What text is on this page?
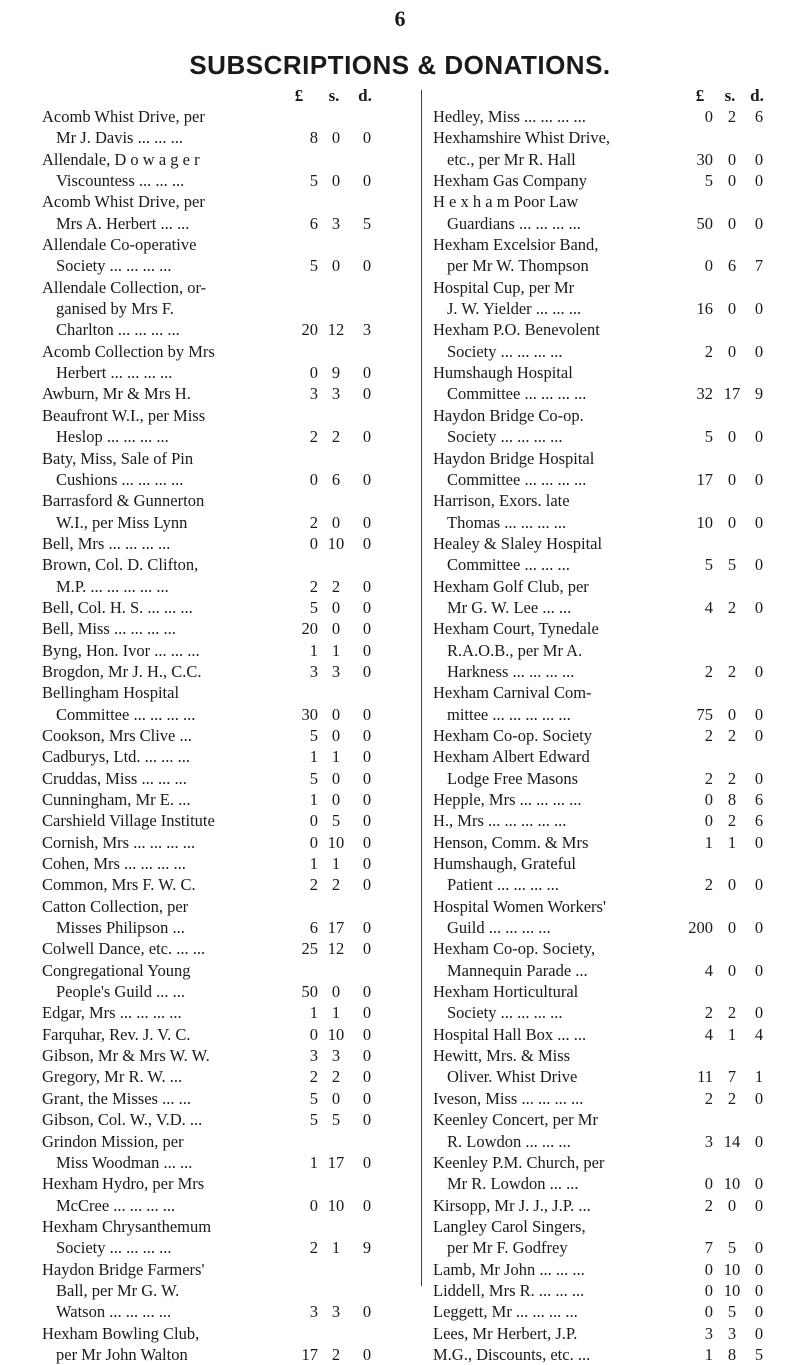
6
SUBSCRIPTIONS & DONATIONS.
£	s.	d.
Acomb Whist Drive, per
Mr J. Davis ... ... ...	8 0	0
Allendale, D o w a g e r
Viscountess ... ... ...	5 0	0
Acomb Whist Drive, per
Mrs A. Herbert ... ...	6 3	5
Allendale Co-operative
Society ... ... ... ...	5 0	0
Allendale Collection, or-
ganised by Mrs F.
Charlton ... ... ... ...	20 12	3
Acomb Collection by Mrs
Herbert ... ... ... ...	0 9	0
Awburn, Mr & Mrs H.	3 3	0
Beaufront W.I., per Miss
Heslop ... ... ... ...	2 2	0
Baty, Miss, Sale of Pin
Cushions ... ... ... ...	0 6	0
Barrasford & Gunnerton
W.I., per Miss Lynn	2 0	0
Bell, Mrs ... ... ... ...	0 10	0
Brown, Col. D. Clifton,
M.P. ... ... ... ... ...	2 2	0
Bell, Col. H. S. ... ... ...	5 0	0
Bell, Miss ... ... ... ...	20 0	0
Byng, Hon. Ivor ... ... ...	1 1	0
Brogdon, Mr J. H., C.C.	3 3	0
Bellingham Hospital
Committee ... ... ... ...	30 0	0
Cookson, Mrs Clive ...	5 0	0
Cadburys, Ltd. ... ... ...	1 1	0
Cruddas, Miss ... ... ...	5 0	0
Cunningham, Mr E. ...	1 0	0
Carshield Village Institute	0 5	0
Cornish, Mrs ... ... ... ...	0 10	0
Cohen, Mrs ... ... ... ...	1 1	0
Common, Mrs F. W. C.	2 2	0
Catton Collection, per
Misses Philipson ...	6 17	0
Colwell Dance, etc. ... ...	25 12	0
Congregational Young
People's Guild ... ...	50 0	0
Edgar, Mrs ... ... ... ...	1 1	0
Farquhar, Rev. J. V. C.	0 10	0
Gibson, Mr & Mrs W. W.	3 3	0
Gregory, Mr R. W. ...	2 2	0
Grant, the Misses ... ...	5 0	0
Gibson, Col. W., V.D. ...	5 5	0
Grindon Mission, per
Miss Woodman ... ...	1 17	0
Hexham Hydro, per Mrs
McCree ... ... ... ...	0 10	0
Hexham Chrysanthemum
Society ... ... ... ...	2 1	9
Haydon Bridge Farmers'
Ball, per Mr G. W.
Watson ... ... ... ...	3 3	0
Hexham Bowling Club,
per Mr John Walton	17 2	0
£	s. d.
Hedley, Miss ... ... ... ...	0 2	6
Hexhamshire Whist Drive,
etc., per Mr R. Hall	30 0	0
Hexham Gas Company	5 0	0
H e x h a m Poor Law
Guardians ... ... ... ...	50 0	0
Hexham Excelsior Band,
per Mr W. Thompson	0 6	7
Hospital Cup, per Mr
J. W. Yielder ... ... ...	16 0	0
Hexham P.O. Benevolent
Society ... ... ... ...	2 0	0
Humshaugh Hospital
Committee ... ... ... ...	32 17 9
Haydon Bridge Co-op.
Society ... ... ... ...	5 0	0
Haydon Bridge Hospital
Committee ... ... ... ...	17 0	0
Harrison, Exors. late
Thomas ... ... ... ...	10 0	0
Healey & Slaley Hospital
Committee ... ... ...	5 5	0
Hexham Golf Club, per
Mr G. W. Lee ... ...	4 2	0
Hexham Court, Tynedale
R.A.O.B., per Mr A.
Harkness ... ... ... ...	2 2	0
Hexham Carnival Com-
mittee ... ... ... ... ...	75 0	0
Hexham Co-op. Society	2 2	0
Hexham Albert Edward
Lodge Free Masons	2 2	0
Hepple, Mrs ... ... ... ...	0 8	6
H., Mrs ... ... ... ... ...	0 2	6
Henson, Comm. & Mrs	1 1	0
Humshaugh, Grateful
Patient ... ... ... ...	2 0	0
Hospital Women Workers'
Guild ... ... ... ...	200 0	0
Hexham Co-op. Society,
Mannequin Parade ...	4 0	0
Hexham Horticultural
Society ... ... ... ...	2 2	0
Hospital Hall Box ... ...	4 1	4
Hewitt, Mrs. & Miss
Oliver. Whist Drive	11 7	1
Iveson, Miss ... ... ... ...	2 2	0
Keenley Concert, per Mr
R. Lowdon ... ... ...	3 14 0
Keenley P.M. Church, per
Mr R. Lowdon ... ...	0 10 0
Kirsopp, Mr J. J., J.P. ...	2 0	0
Langley Carol Singers,
per Mr F. Godfrey	7 5	0
Lamb, Mr John ... ... ...	0 10 0
Liddell, Mrs R. ... ... ...	0 10 0
Leggett, Mr ... ... ... ...	0 5	0
Lees, Mr Herbert, J.P.	3 3	0
M.G., Discounts, etc. ...	1 8	5
